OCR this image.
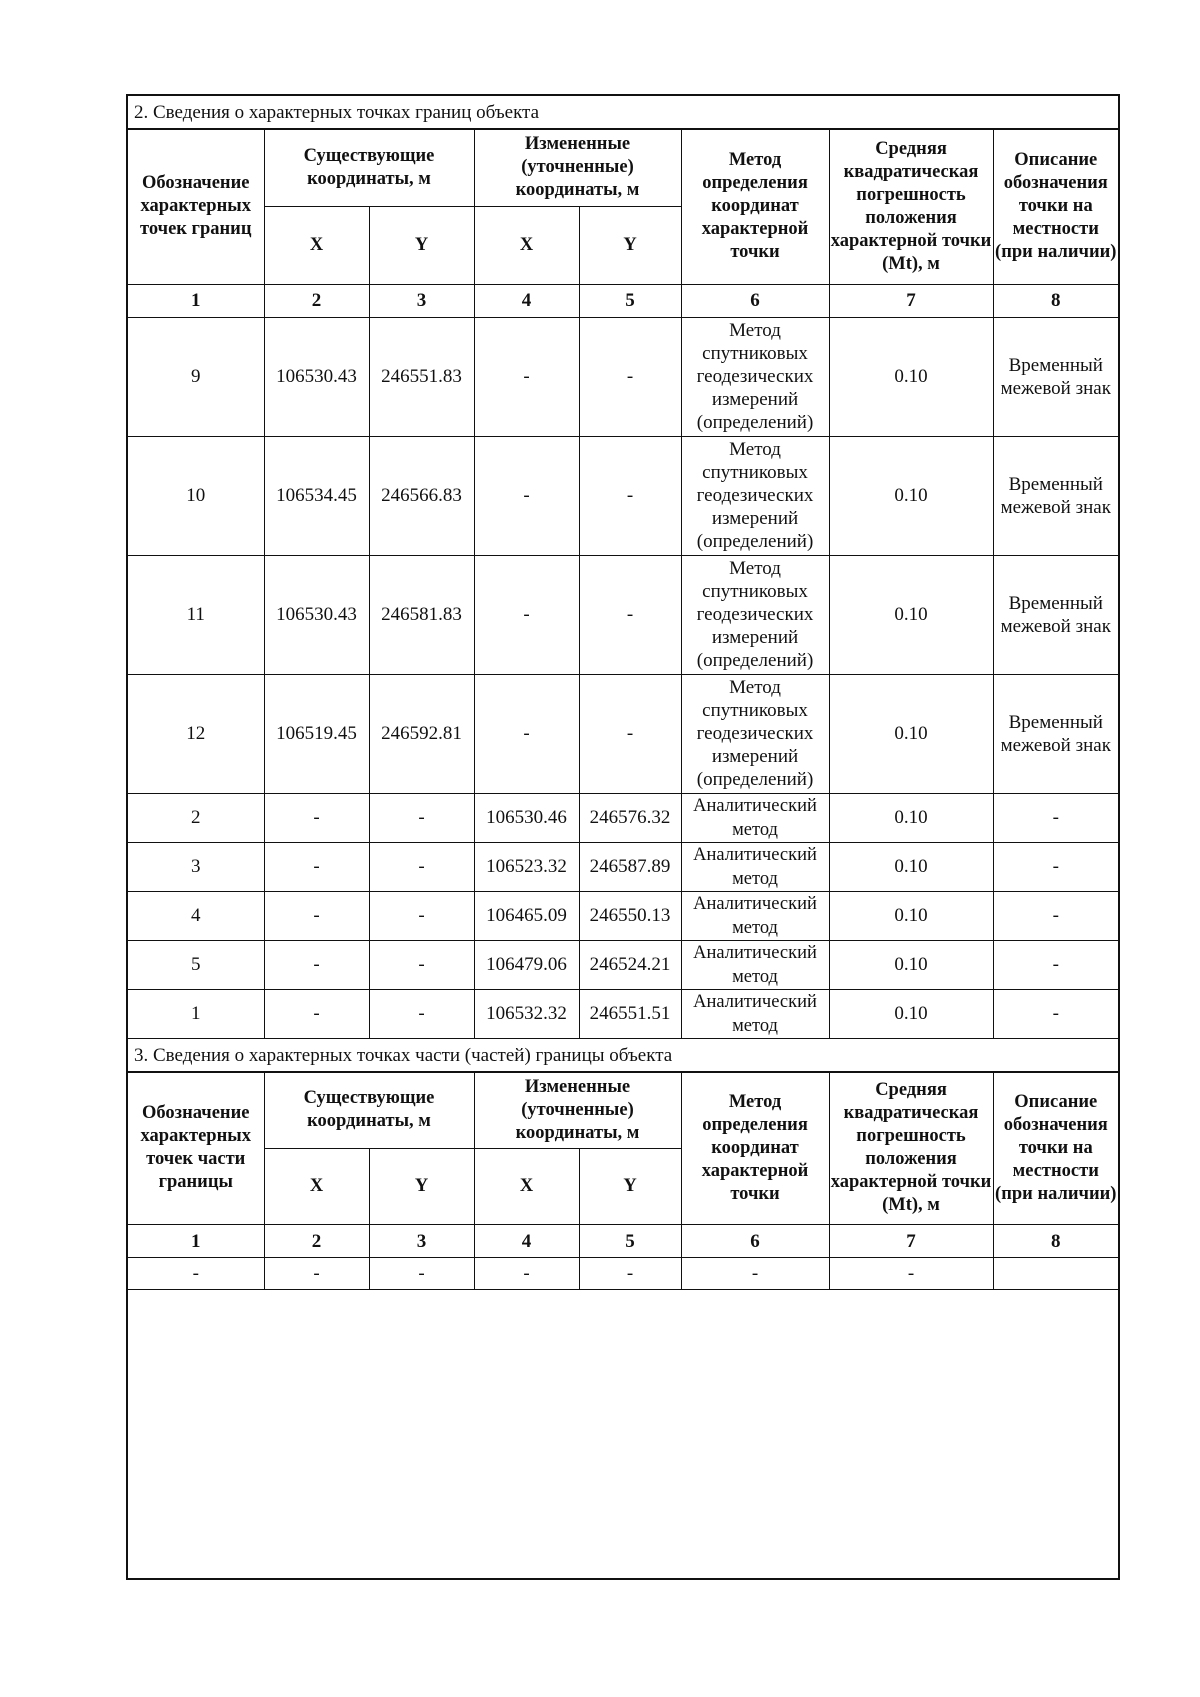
2. Сведения о характерных точках границ объекта
Обозначение характерных точек границ	Существующие координаты, м		Измененные (уточненные) координаты, м		Метод определения координат характерной точки	Средняя квадратическая погрешность положения характерной точки (Mt), м	Описание обозначения точки на местности (при наличии)
	X	Y	X	Y			
1	2	3	4	5	6	7	8
9	106530.43	246551.83	-	-	Метод спутниковых геодезических измерений (определений)	0.10	Временный межевой знак
10	106534.45	246566.83	-	-	Метод спутниковых геодезических измерений (определений)	0.10	Временный межевой знак
11	106530.43	246581.83	-	-	Метод спутниковых геодезических измерений (определений)	0.10	Временный межевой знак
12	106519.45	246592.81	-	-	Метод спутниковых геодезических измерений (определений)	0.10	Временный межевой знак
2	-	-	106530.46	246576.32	Аналитический метод	0.10	-
3	-	-	106523.32	246587.89	Аналитический метод	0.10	-
4	-	-	106465.09	246550.13	Аналитический метод	0.10	-
5	-	-	106479.06	246524.21	Аналитический метод	0.10	-
1	-	-	106532.32	246551.51	Аналитический метод	0.10	-
3. Сведения о характерных точках части (частей) границы объекта
Обозначение характерных точек части границы	Существующие координаты, м		Измененные (уточненные) координаты, м		Метод определения координат характерной точки	Средняя квадратическая погрешность положения характерной точки (Mt), м	Описание обозначения точки на местности (при наличии)
	X	Y	X	Y			
1	2	3	4	5	6	7	8
-	-	-	-	-	-	-	
